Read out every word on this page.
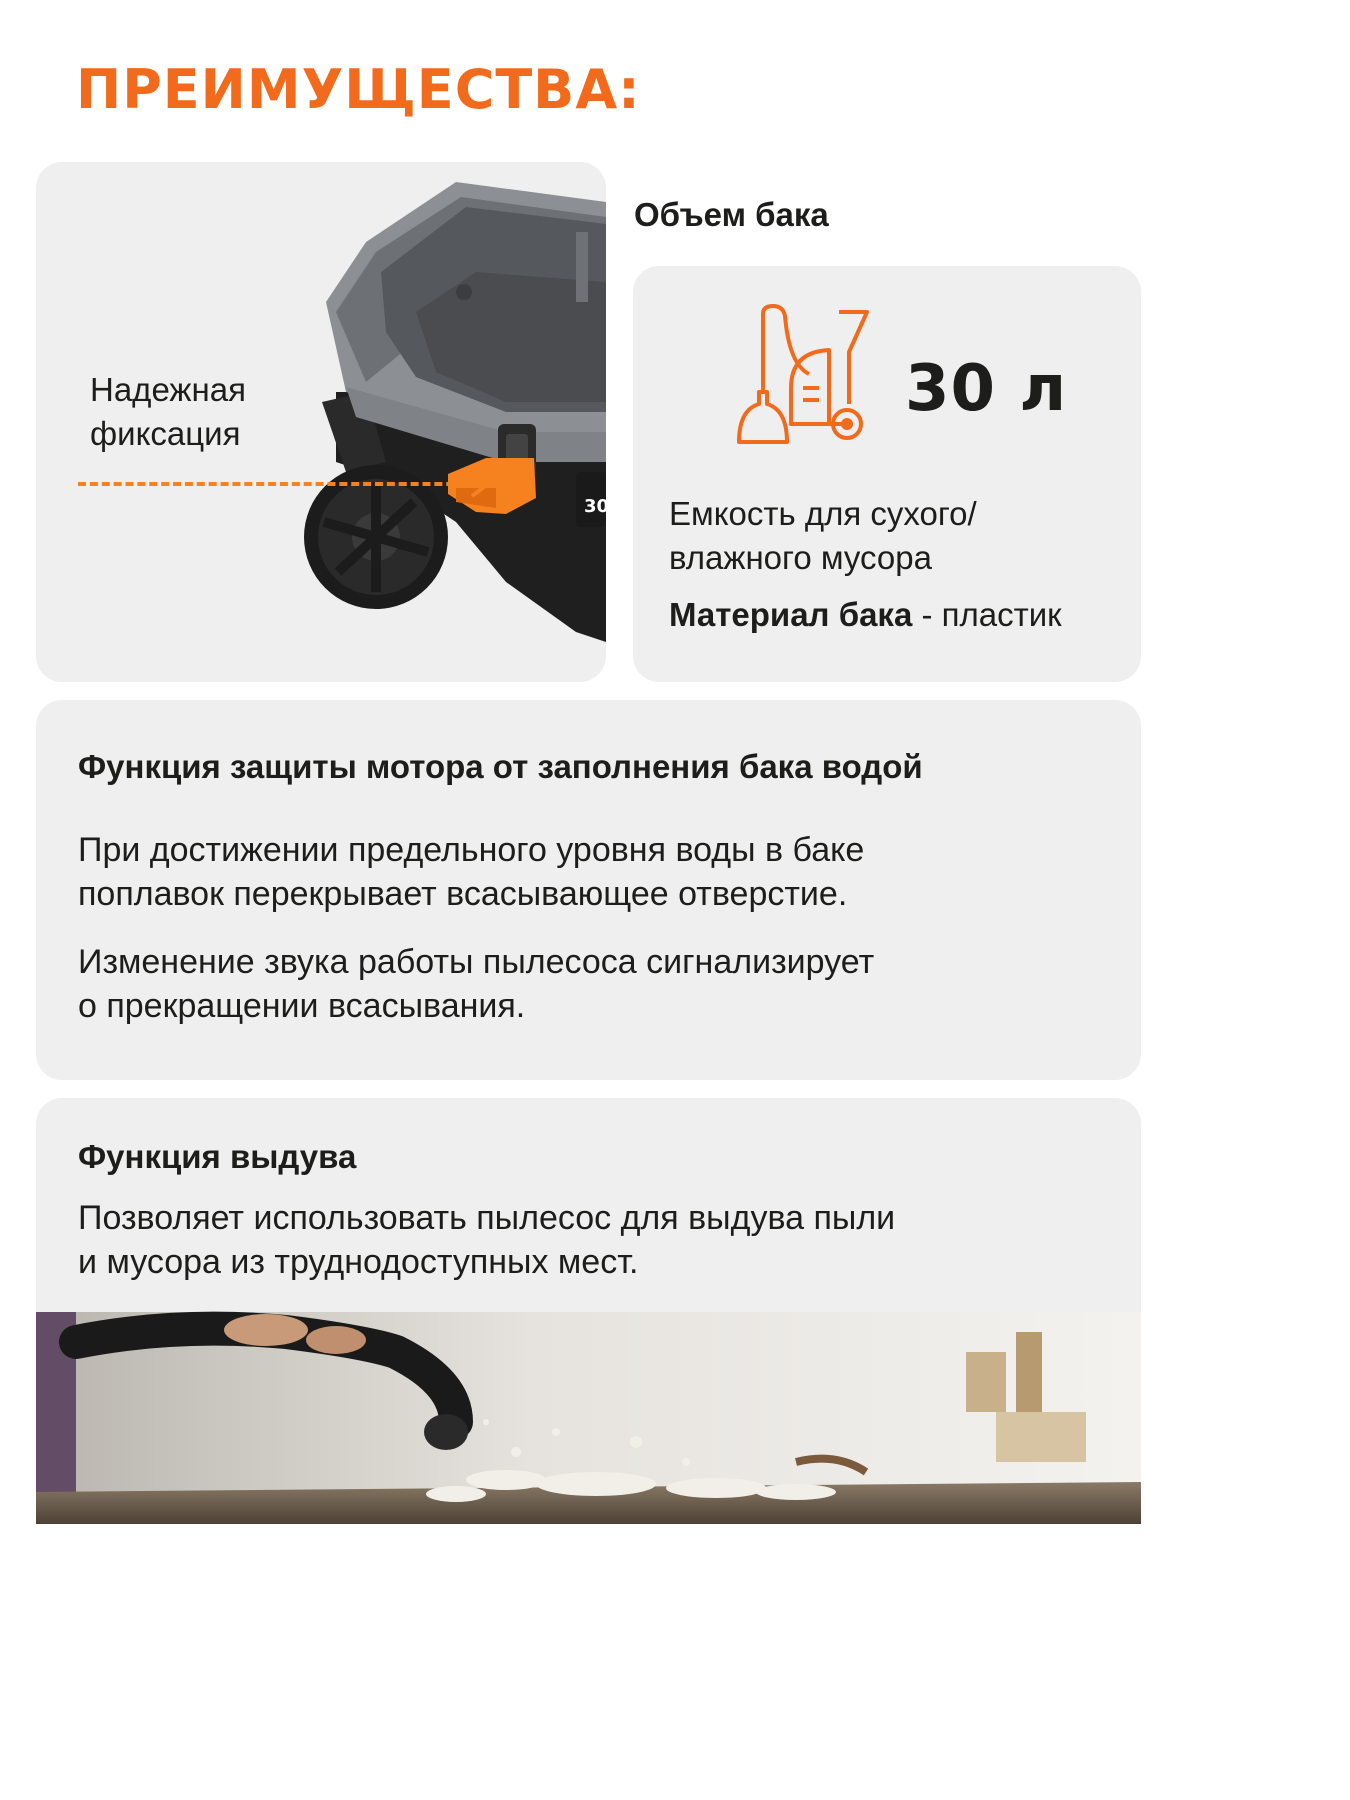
ПРЕИМУЩЕСТВА:
30
Надежная
фиксация
Объем бака
30 л
Емкость для сухого/
влажного мусора
Материал бака - пластик
Функция защиты мотора от заполнения бака водой
При достижении предельного уровня воды в баке
поплавок перекрывает всасывающее отверстие.
Изменение звука работы пылесоса сигнализирует
о прекращении всасывания.
Функция выдува
Позволяет использовать пылесос для выдува пыли
и мусора из труднодоступных мест.
